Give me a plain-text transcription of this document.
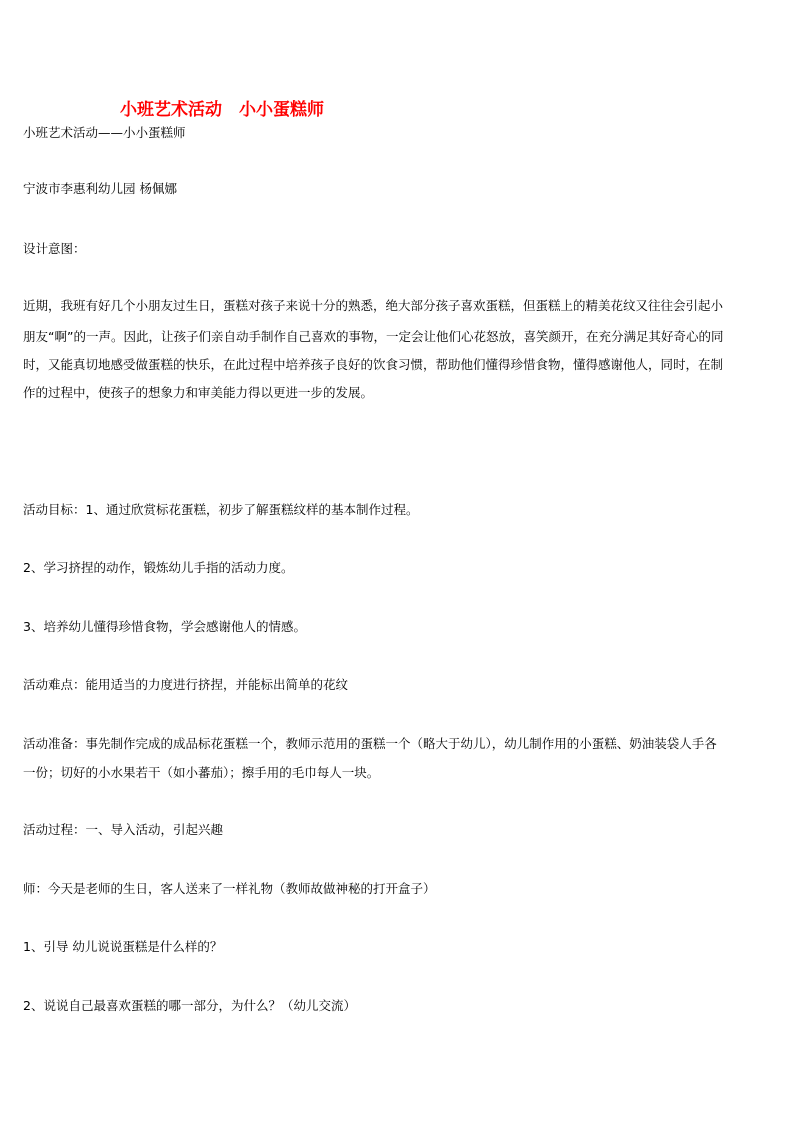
小班艺术活动　小小蛋糕师

小班艺术活动——小小蛋糕师

宁波市李惠利幼儿园 杨佩娜

设计意图：

近期，我班有好几个小朋友过生日，蛋糕对孩子来说十分的熟悉，绝大部分孩子喜欢蛋糕，但蛋糕上的精美花纹又往往会引起小

朋友“啊”的一声。因此，让孩子们亲自动手制作自己喜欢的事物，一定会让他们心花怒放，喜笑颜开，在充分满足其好奇心的同

时，又能真切地感受做蛋糕的快乐，在此过程中培养孩子良好的饮食习惯，帮助他们懂得珍惜食物，懂得感谢他人，同时，在制

作的过程中，使孩子的想象力和审美能力得以更进一步的发展。

活动目标：1、通过欣赏标花蛋糕，初步了解蛋糕纹样的基本制作过程。

2、学习挤捏的动作，锻炼幼儿手指的活动力度。

3、培养幼儿懂得珍惜食物，学会感谢他人的情感。

活动难点：能用适当的力度进行挤捏，并能标出简单的花纹

活动准备：事先制作完成的成品标花蛋糕一个，教师示范用的蛋糕一个（略大于幼儿），幼儿制作用的小蛋糕、奶油装袋人手各

一份；切好的小水果若干（如小蕃茄）；擦手用的毛巾每人一块。

活动过程：一、导入活动，引起兴趣

师：今天是老师的生日，客人送来了一样礼物（教师故做神秘的打开盒子）

1、引导 幼儿说说蛋糕是什么样的？

2、说说自己最喜欢蛋糕的哪一部分，为什么？（幼儿交流）
